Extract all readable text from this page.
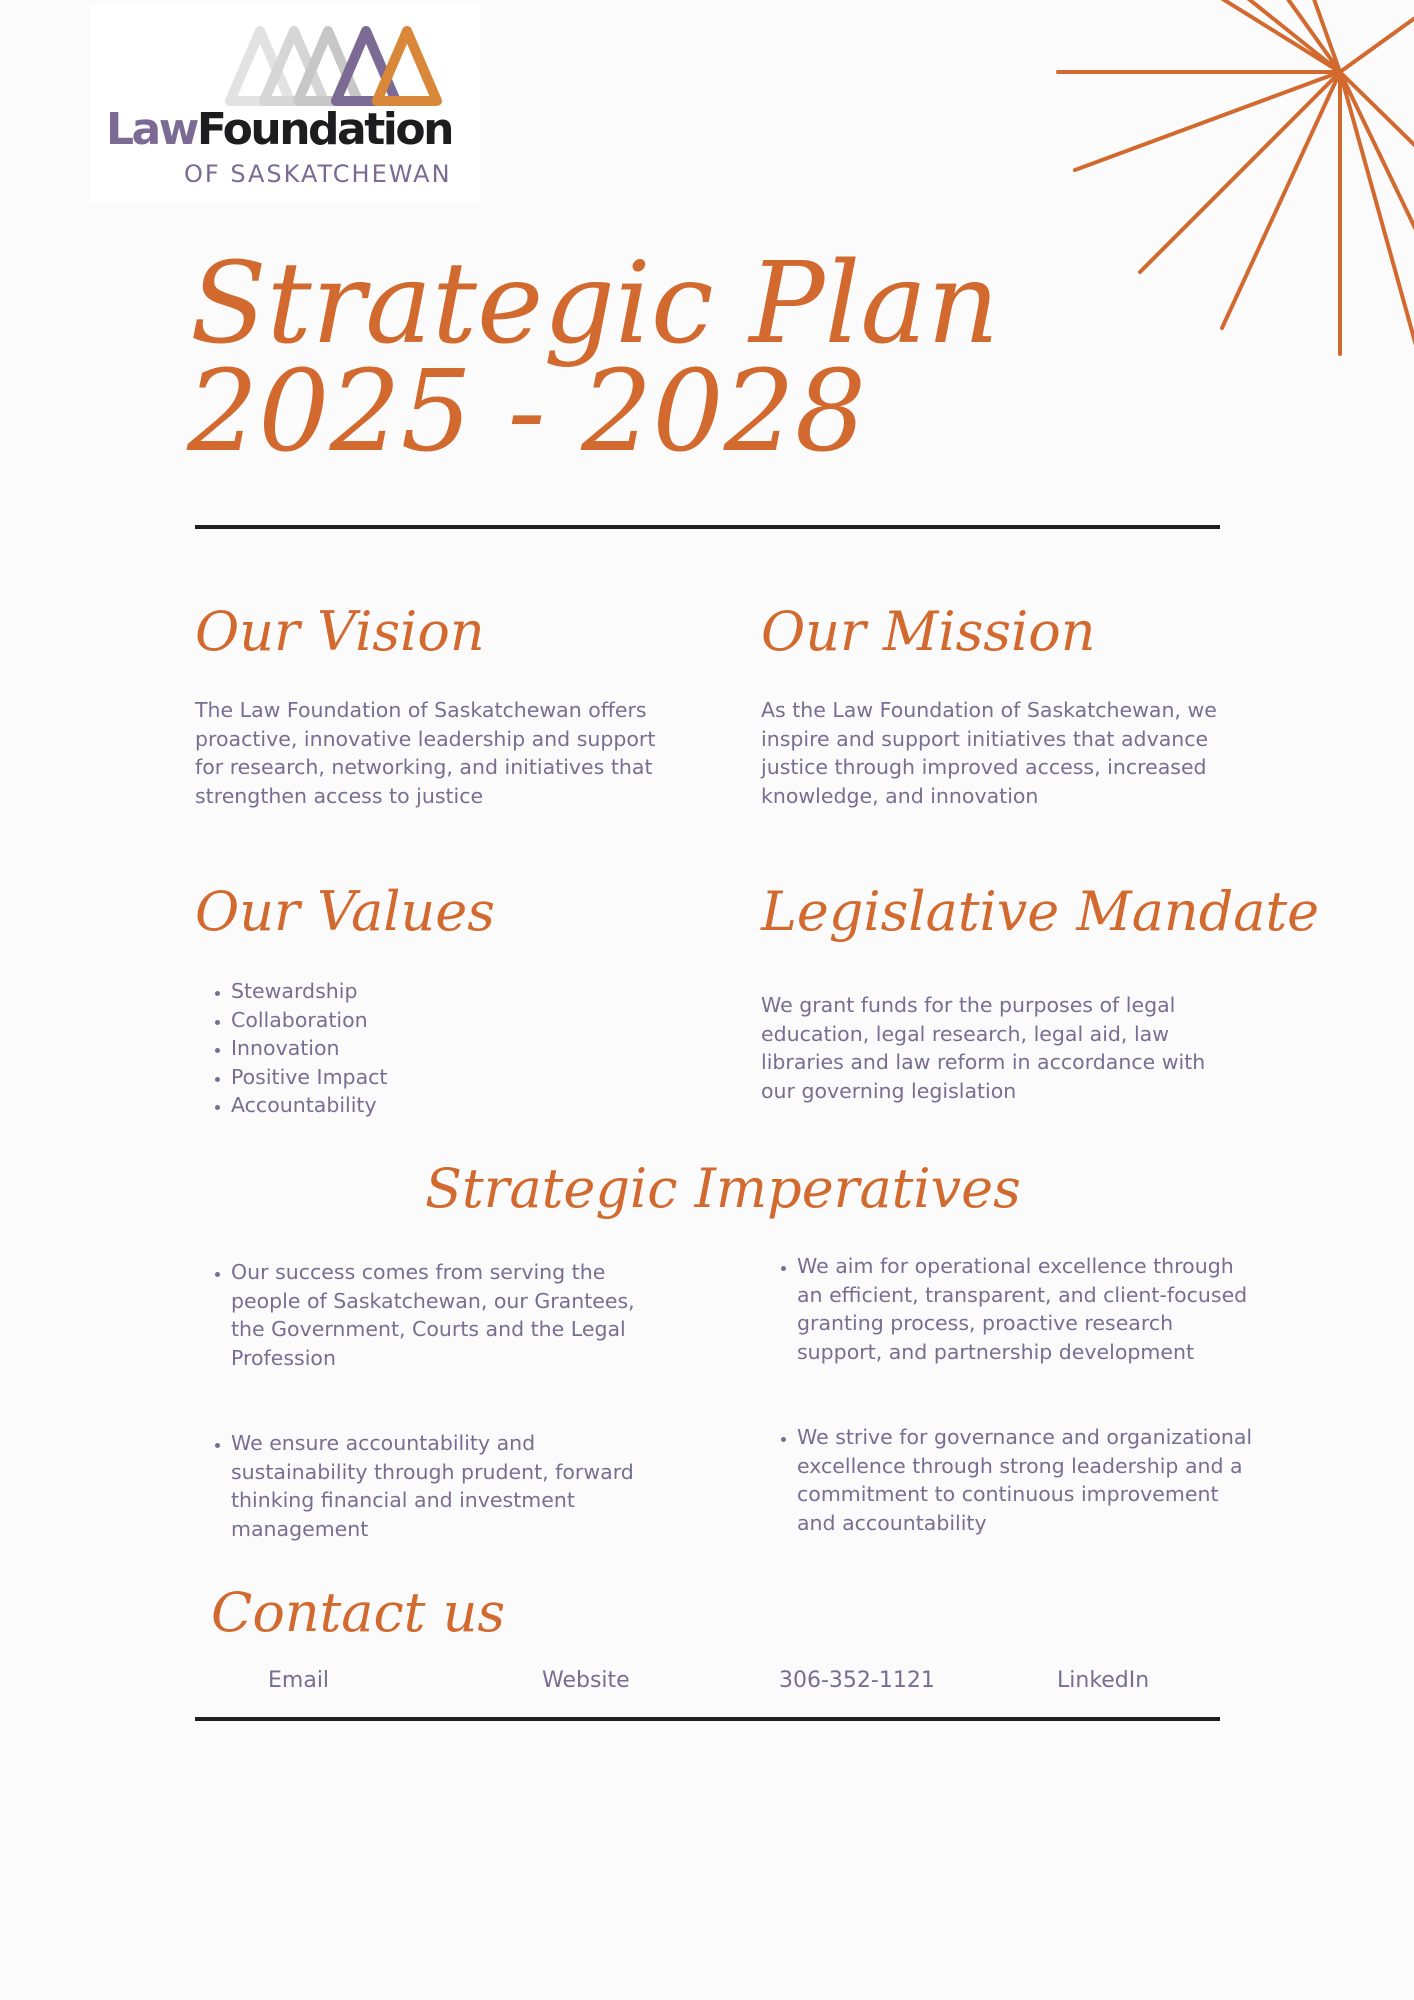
LawFoundation
OF SASKATCHEWAN
Strategic Plan
2025 - 2028
Our Vision
The Law Foundation of Saskatchewan offers proactive, innovative leadership and support for research, networking, and initiatives that strengthen access to justice
Our Mission
As the Law Foundation of Saskatchewan, we inspire and support initiatives that advance justice through improved access, increased knowledge, and innovation
Our Values
• Stewardship
• Collaboration
• Innovation
• Positive Impact
• Accountability
Legislative Mandate
We grant funds for the purposes of legal education, legal research, legal aid, law libraries and law reform in accordance with our governing legislation
Strategic Imperatives
• Our success comes from serving the people of Saskatchewan, our Grantees, the Government, Courts and the Legal Profession
• We ensure accountability and sustainability through prudent, forward thinking financial and investment management
• We aim for operational excellence through an efficient, transparent, and client-focused granting process, proactive research support, and partnership development
• We strive for governance and organizational excellence through strong leadership and a commitment to continuous improvement and accountability
Contact us
Email	Website	306-352-1121	LinkedIn
